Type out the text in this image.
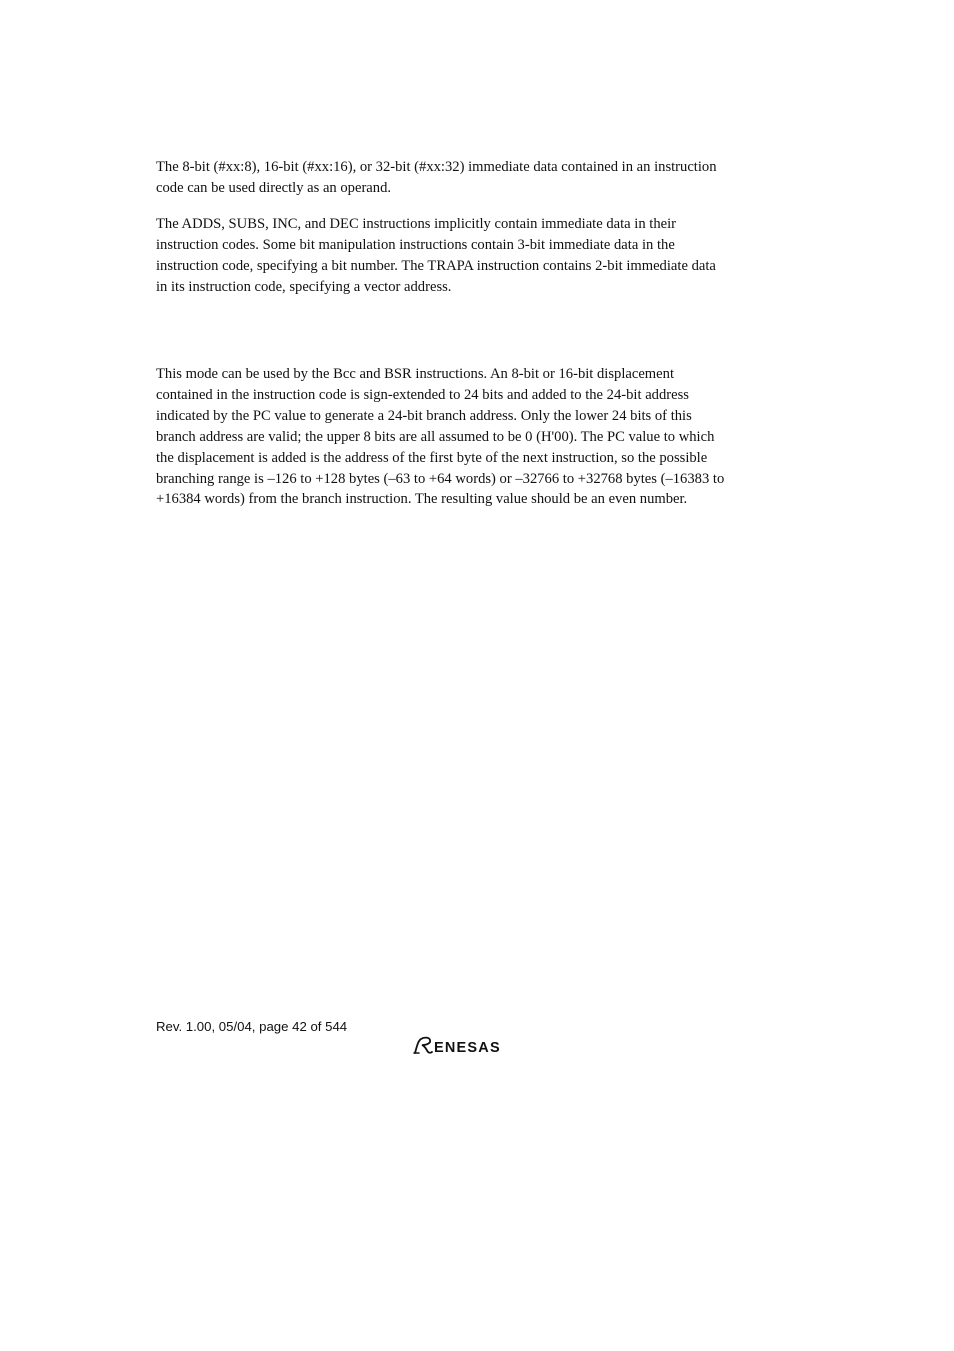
The 8-bit (#xx:8), 16-bit (#xx:16), or 32-bit (#xx:32) immediate data contained in an instruction
code can be used directly as an operand.

The ADDS, SUBS, INC, and DEC instructions implicitly contain immediate data in their
instruction codes. Some bit manipulation instructions contain 3-bit immediate data in the
instruction code, specifying a bit number. The TRAPA instruction contains 2-bit immediate data
in its instruction code, specifying a vector address.

This mode can be used by the Bcc and BSR instructions. An 8-bit or 16-bit displacement
contained in the instruction code is sign-extended to 24 bits and added to the 24-bit address
indicated by the PC value to generate a 24-bit branch address. Only the lower 24 bits of this
branch address are valid; the upper 8 bits are all assumed to be 0 (H'00). The PC value to which
the displacement is added is the address of the first byte of the next instruction, so the possible
branching range is –126 to +128 bytes (–63 to +64 words) or –32766 to +32768 bytes (–16383 to
+16384 words) from the branch instruction. The resulting value should be an even number.

Rev. 1.00, 05/04, page 42 of 544
ENESAS
